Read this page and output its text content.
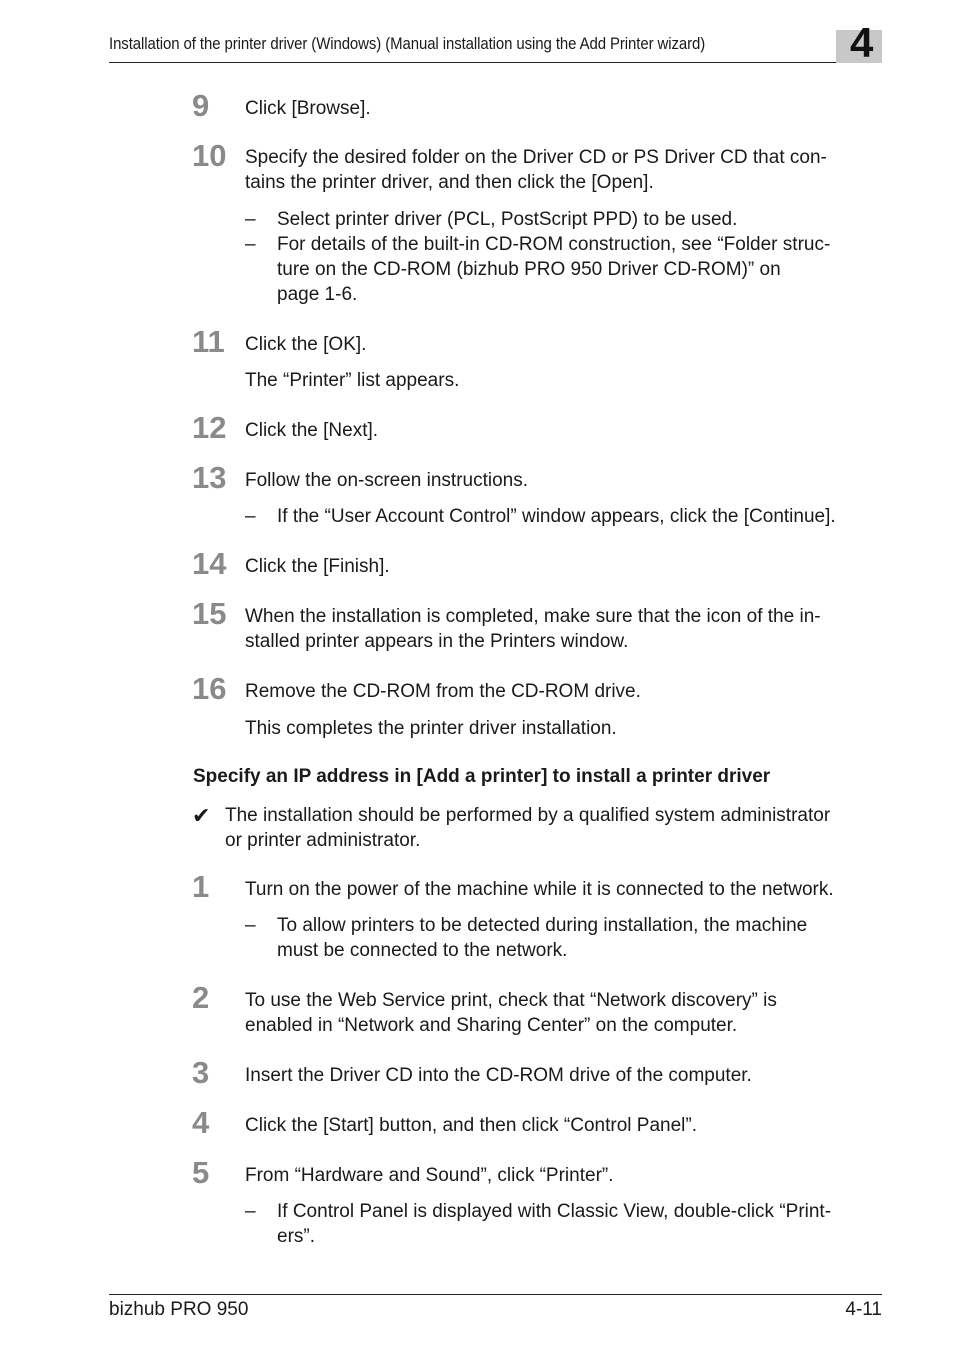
Installation of the printer driver (Windows) (Manual installation using the Add Printer wizard)	4
9 Click [Browse].
10 Specify the desired folder on the Driver CD or PS Driver CD that con-
tains the printer driver, and then click the [Open].
– Select printer driver (PCL, PostScript PPD) to be used.
– For details of the built-in CD-ROM construction, see “Folder struc-
ture on the CD-ROM (bizhub PRO 950 Driver CD-ROM)” on
page 1-6.
11 Click the [OK].
The “Printer” list appears.
12 Click the [Next].
13 Follow the on-screen instructions.
– If the “User Account Control” window appears, click the [Continue].
14 Click the [Finish].
15 When the installation is completed, make sure that the icon of the in-
stalled printer appears in the Printers window.
16 Remove the CD-ROM from the CD-ROM drive.
This completes the printer driver installation.
Specify an IP address in [Add a printer] to install a printer driver
✔ The installation should be performed by a qualified system administrator
or printer administrator.
1 Turn on the power of the machine while it is connected to the network.
– To allow printers to be detected during installation, the machine
must be connected to the network.
2 To use the Web Service print, check that “Network discovery” is
enabled in “Network and Sharing Center” on the computer.
3 Insert the Driver CD into the CD-ROM drive of the computer.
4 Click the [Start] button, and then click “Control Panel”.
5 From “Hardware and Sound”, click “Printer”.
– If Control Panel is displayed with Classic View, double-click “Print-
ers”.
bizhub PRO 950	4-11
